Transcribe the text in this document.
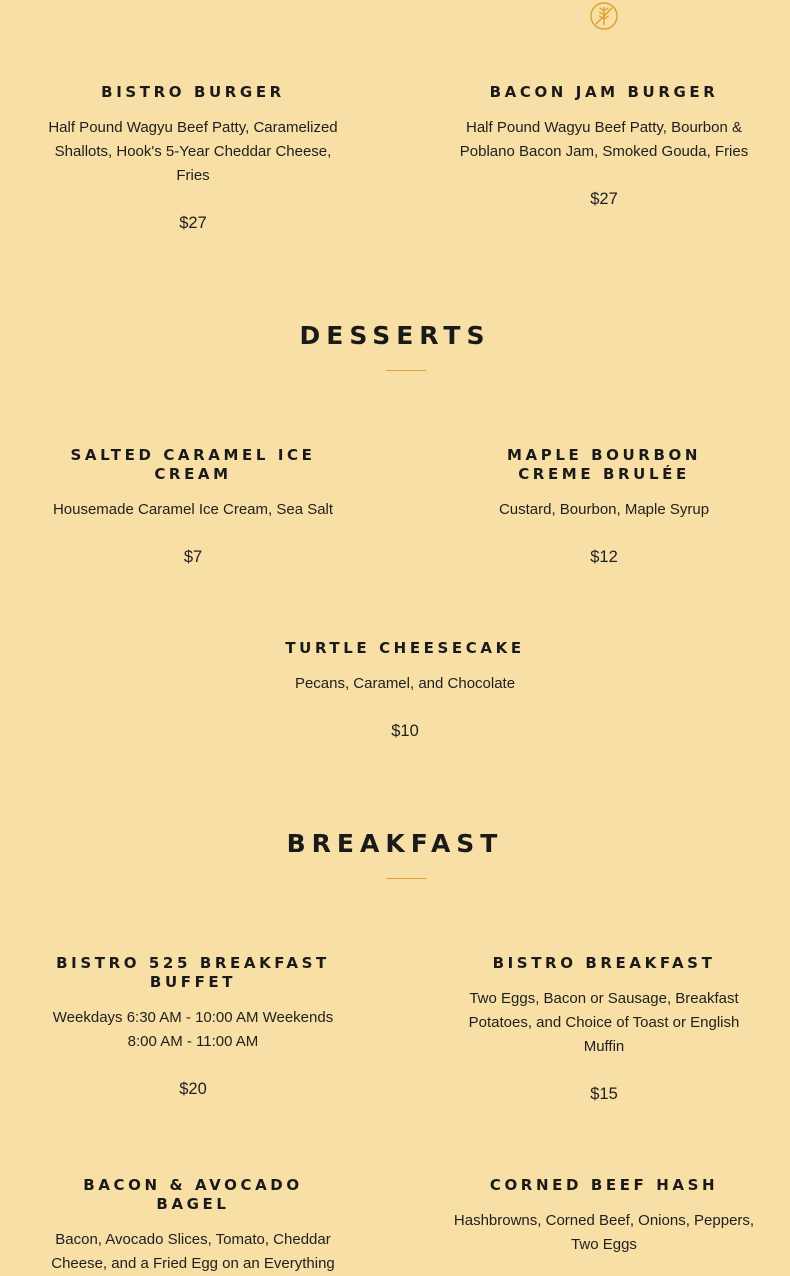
BISTRO BURGER
Half Pound Wagyu Beef Patty, Caramelized Shallots, Hook's 5-Year Cheddar Cheese, Fries
$27
BACON JAM BURGER
Half Pound Wagyu Beef Patty, Bourbon & Poblano Bacon Jam, Smoked Gouda, Fries
$27
DESSERTS
SALTED CARAMEL ICE CREAM
Housemade Caramel Ice Cream, Sea Salt
$7
MAPLE BOURBON CREME BRULÉE
Custard, Bourbon, Maple Syrup
$12
TURTLE CHEESECAKE
Pecans, Caramel, and Chocolate
$10
BREAKFAST
BISTRO 525 BREAKFAST BUFFET
Weekdays 6:30 AM - 10:00 AM Weekends 8:00 AM - 11:00 AM
$20
BISTRO BREAKFAST
Two Eggs, Bacon or Sausage, Breakfast Potatoes, and Choice of Toast or English Muffin
$15
BACON & AVOCADO BAGEL
Bacon, Avocado Slices, Tomato, Cheddar Cheese, and a Fried Egg on an Everything
CORNED BEEF HASH
Hashbrowns, Corned Beef, Onions, Peppers, Two Eggs
